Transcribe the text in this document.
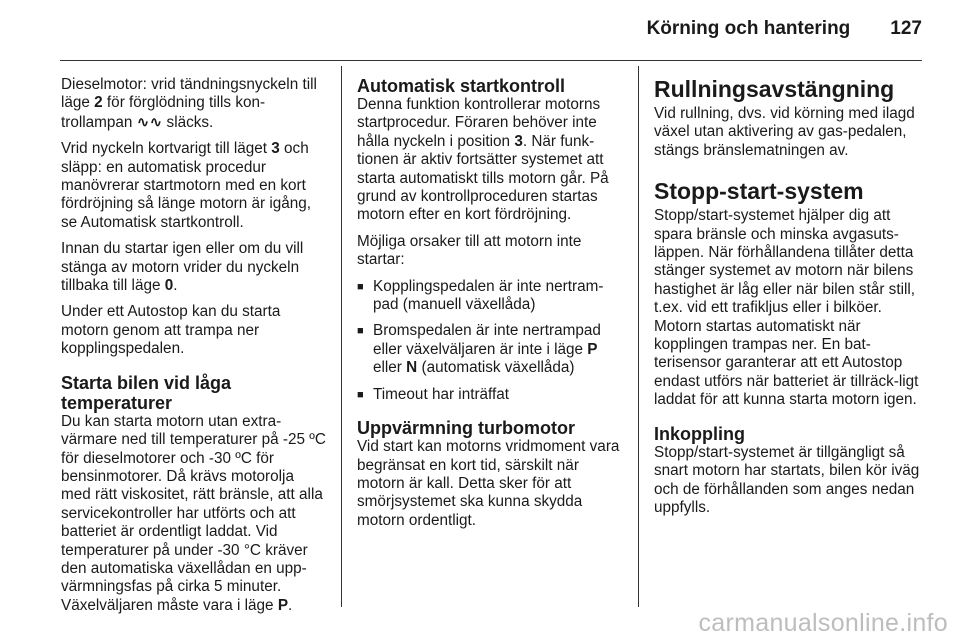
Körning och hantering 127

Dieselmotor: vrid tändningsnyckeln till läge 2 för förglödning tills kon-trollampan ∿∿ släcks.

Vrid nyckeln kortvarigt till läget 3 och släpp: en automatisk procedur manövrerar startmotorn med en kort fördröjning så länge motorn är igång, se Automatisk startkontroll.

Innan du startar igen eller om du vill stänga av motorn vrider du nyckeln tillbaka till läge 0.

Under ett Autostop kan du starta motorn genom att trampa ner kopplingspedalen.

Starta bilen vid låga temperaturer

Du kan starta motorn utan extra-värmare ned till temperaturer på -25 ºC för dieselmotorer och -30 ºC för bensinmotorer. Då krävs motorolja med rätt viskositet, rätt bränsle, att alla servicekontroller har utförts och att batteriet är ordentligt laddat. Vid temperaturer på under -30 °C kräver den automatiska växellådan en upp-värmningsfas på cirka 5 minuter. Växelväljaren måste vara i läge P.

Automatisk startkontroll

Denna funktion kontrollerar motorns startprocedur. Föraren behöver inte hålla nyckeln i position 3. När funk-tionen är aktiv fortsätter systemet att starta automatiskt tills motorn går. På grund av kontrollproceduren startas motorn efter en kort fördröjning.

Möjliga orsaker till att motorn inte startar:

■ Kopplingspedalen är inte nertram-pad (manuell växellåda)
■ Bromspedalen är inte nertrampad eller växelväljaren är inte i läge P eller N (automatisk växellåda)
■ Timeout har inträffat
Uppvärmning turbomotor

Vid start kan motorns vridmoment vara begränsat en kort tid, särskilt när motorn är kall. Detta sker för att smörjsystemet ska kunna skydda motorn ordentligt.

Rullningsavstängning

Vid rullning, dvs. vid körning med ilagd växel utan aktivering av gas-pedalen, stängs bränslematningen av.

Stopp-start-system

Stopp/start-systemet hjälper dig att spara bränsle och minska avgasuts-läppen. När förhållandena tillåter detta stänger systemet av motorn när bilens hastighet är låg eller när bilen står still, t.ex. vid ett trafikljus eller i bilköer. Motorn startas automatiskt när kopplingen trampas ner. En bat-terisensor garanterar att ett Autostop endast utförs när batteriet är tillräck-ligt laddat för att kunna starta motorn igen.

Inkoppling

Stopp/start-systemet är tillgängligt så snart motorn har startats, bilen kör iväg och de förhållanden som anges nedan uppfylls.

carmanualsonline.info
